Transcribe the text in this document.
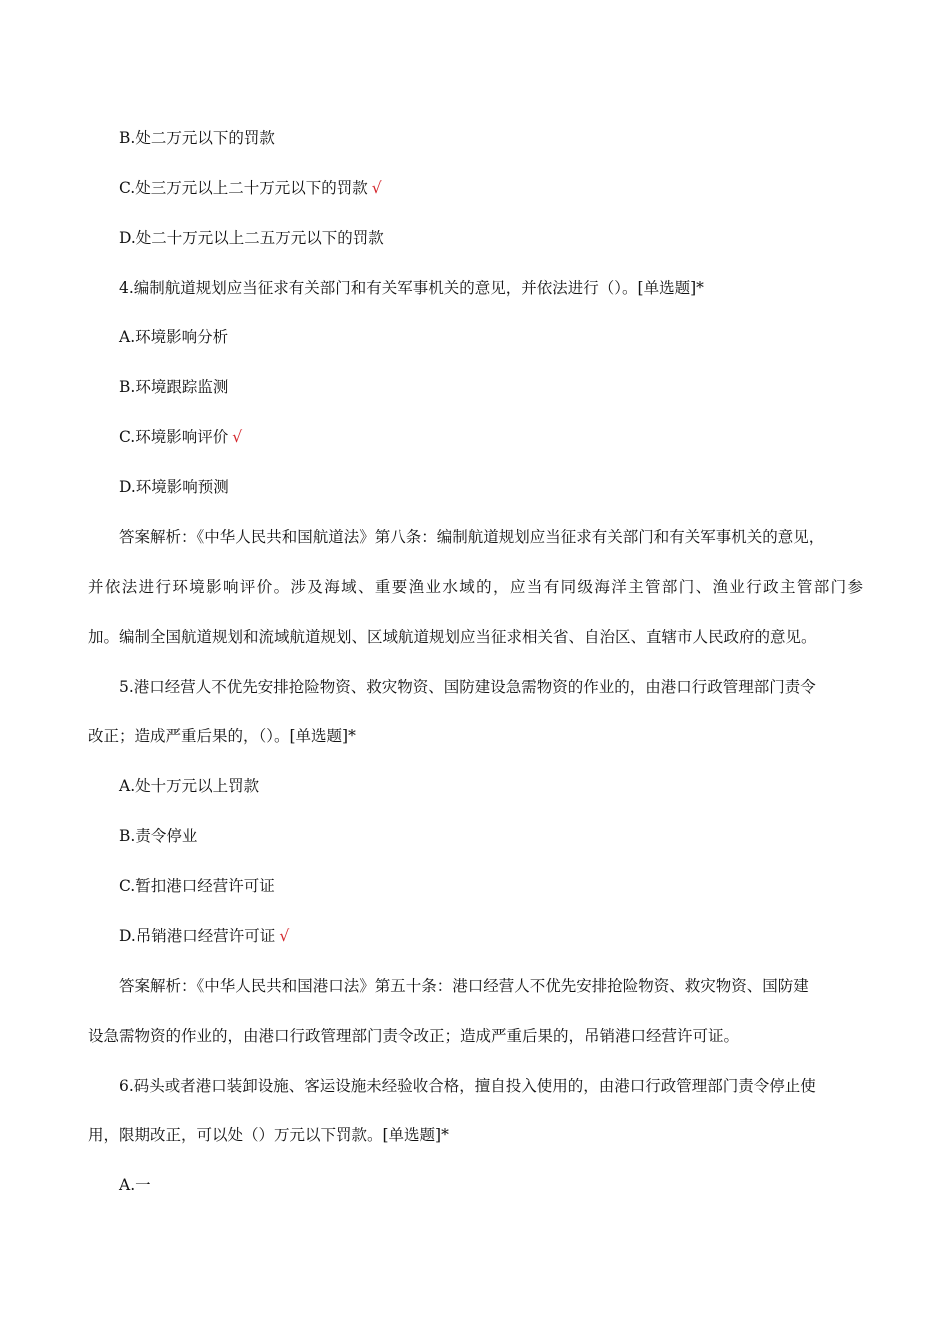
B.处二万元以下的罚款
C.处三万元以上二十万元以下的罚款 √
D.处二十万元以上二五万元以下的罚款
4.编制航道规划应当征求有关部门和有关军事机关的意见，并依法进行（）。[单选题]*
A.环境影响分析
B.环境跟踪监测
C.环境影响评价 √
D.环境影响预测
答案解析：《中华人民共和国航道法》第八条：编制航道规划应当征求有关部门和有关军事机关的意见，
并依法进行环境影响评价。涉及海域、重要渔业水域的，应当有同级海洋主管部门、渔业行政主管部门参
加。编制全国航道规划和流域航道规划、区域航道规划应当征求相关省、自治区、直辖市人民政府的意见。
5.港口经营人不优先安排抢险物资、救灾物资、国防建设急需物资的作业的，由港口行政管理部门责令
改正；造成严重后果的，（）。[单选题]*
A.处十万元以上罚款
B.责令停业
C.暂扣港口经营许可证
D.吊销港口经营许可证 √
答案解析：《中华人民共和国港口法》第五十条：港口经营人不优先安排抢险物资、救灾物资、国防建
设急需物资的作业的，由港口行政管理部门责令改正；造成严重后果的，吊销港口经营许可证。
6.码头或者港口装卸设施、客运设施未经验收合格，擅自投入使用的，由港口行政管理部门责令停止使
用，限期改正，可以处（）万元以下罚款。[单选题]*
A.一
